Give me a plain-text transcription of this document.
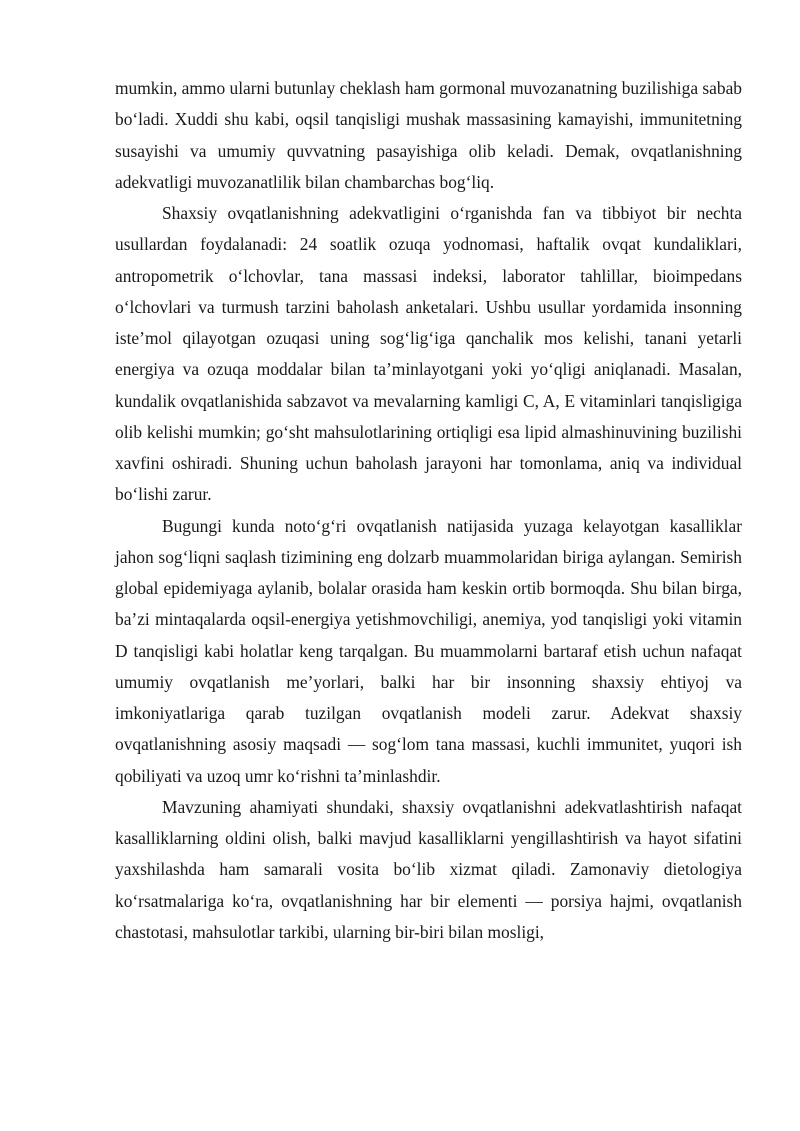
mumkin, ammo ularni butunlay cheklash ham gormonal muvozanatning buzilishiga sabab bo‘ladi. Xuddi shu kabi, oqsil tanqisligi mushak massasining kamayishi, immunitetning susayishi va umumiy quvvatning pasayishiga olib keladi. Demak, ovqatlanishning adekvatligi muvozanatlilik bilan chambarchas bog‘liq.

Shaxsiy ovqatlanishning adekvatligini o‘rganishda fan va tibbiyot bir nechta usullardan foydalanadi: 24 soatlik ozuqa yodnomasi, haftalik ovqat kundaliklari, antropometrik o‘lchovlar, tana massasi indeksi, laborator tahlillar, bioimpedans o‘lchovlari va turmush tarzini baholash anketalari. Ushbu usullar yordamida insonning iste’mol qilayotgan ozuqasi uning sog‘lig‘iga qanchalik mos kelishi, tanani yetarli energiya va ozuqa moddalar bilan ta’minlayotgani yoki yo‘qligi aniqlanadi. Masalan, kundalik ovqatlanishida sabzavot va mevalarning kamligi C, A, E vitaminlari tanqisligiga olib kelishi mumkin; go‘sht mahsulotlarining ortiqligi esa lipid almashinuvining buzilishi xavfini oshiradi. Shuning uchun baholash jarayoni har tomonlama, aniq va individual bo‘lishi zarur.

Bugungi kunda noto‘g‘ri ovqatlanish natijasida yuzaga kelayotgan kasalliklar jahon sog‘liqni saqlash tizimining eng dolzarb muammolaridan biriga aylangan. Semirish global epidemiyaga aylanib, bolalar orasida ham keskin ortib bormoqda. Shu bilan birga, ba’zi mintaqalarda oqsil-energiya yetishmovchiligi, anemiya, yod tanqisligi yoki vitamin D tanqisligi kabi holatlar keng tarqalgan. Bu muammolarni bartaraf etish uchun nafaqat umumiy ovqatlanish me’yorlari, balki har bir insonning shaxsiy ehtiyoj va imkoniyatlariga qarab tuzilgan ovqatlanish modeli zarur. Adekvat shaxsiy ovqatlanishning asosiy maqsadi — sog‘lom tana massasi, kuchli immunitet, yuqori ish qobiliyati va uzoq umr ko‘rishni ta’minlashdir.

Mavzuning ahamiyati shundaki, shaxsiy ovqatlanishni adekvatlashtirish nafaqat kasalliklarning oldini olish, balki mavjud kasalliklarni yengillashtirish va hayot sifatini yaxshilashda ham samarali vosita bo‘lib xizmat qiladi. Zamonaviy dietologiya ko‘rsatmalariga ko‘ra, ovqatlanishning har bir elementi — porsiya hajmi, ovqatlanish chastotasi, mahsulotlar tarkibi, ularning bir-biri bilan mosligi,
